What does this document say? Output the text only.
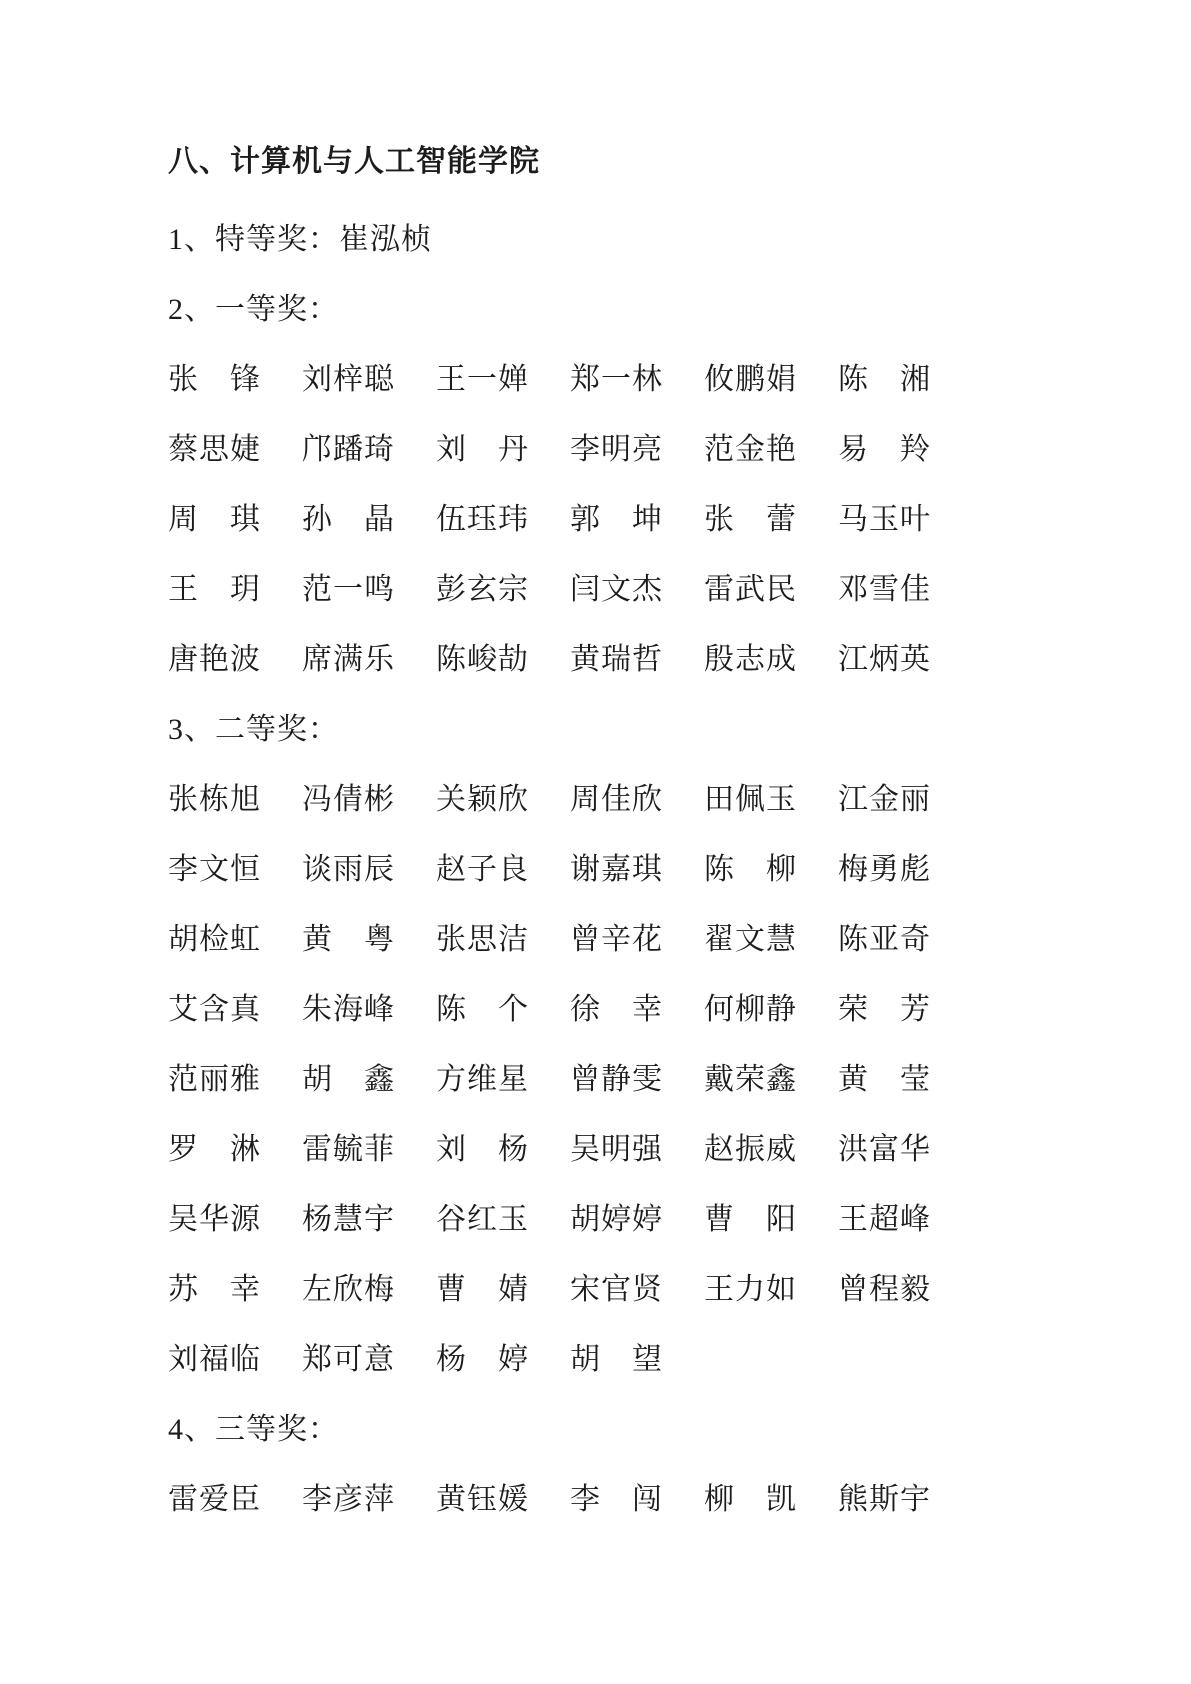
八、计算机与人工智能学院

1、特等奖：崔泓桢

2、一等奖：

张　锋 刘梓聪 王一婵 郑一林 攸鹏娟 陈　湘
蔡思婕 邝蹯琦 刘　丹 李明亮 范金艳 易　羚
周　琪 孙　晶 伍珏玮 郭　坤 张　蕾 马玉叶
王　玥 范一鸣 彭玄宗 闫文杰 雷武民 邓雪佳
唐艳波 席满乐 陈峻劼 黄瑞哲 殷志成 江炳英

3、二等奖：

张栋旭 冯倩彬 关颖欣 周佳欣 田佩玉 江金丽
李文恒 谈雨辰 赵子良 谢嘉琪 陈　柳 梅勇彪
胡检虹 黄　粤 张思洁 曾辛花 翟文慧 陈亚奇
艾含真 朱海峰 陈　个 徐　幸 何柳静 荣　芳
范丽雅 胡　鑫 方维星 曾静雯 戴荣鑫 黄　莹
罗　淋 雷毓菲 刘　杨 吴明强 赵振威 洪富华
吴华源 杨慧宇 谷红玉 胡婷婷 曹　阳 王超峰
苏　幸 左欣梅 曹　婧 宋官贤 王力如 曾程毅
刘福临 郑可意 杨　婷 胡　望

4、三等奖：

雷爱臣 李彦萍 黄钰媛 李　闯 柳　凯 熊斯宇
